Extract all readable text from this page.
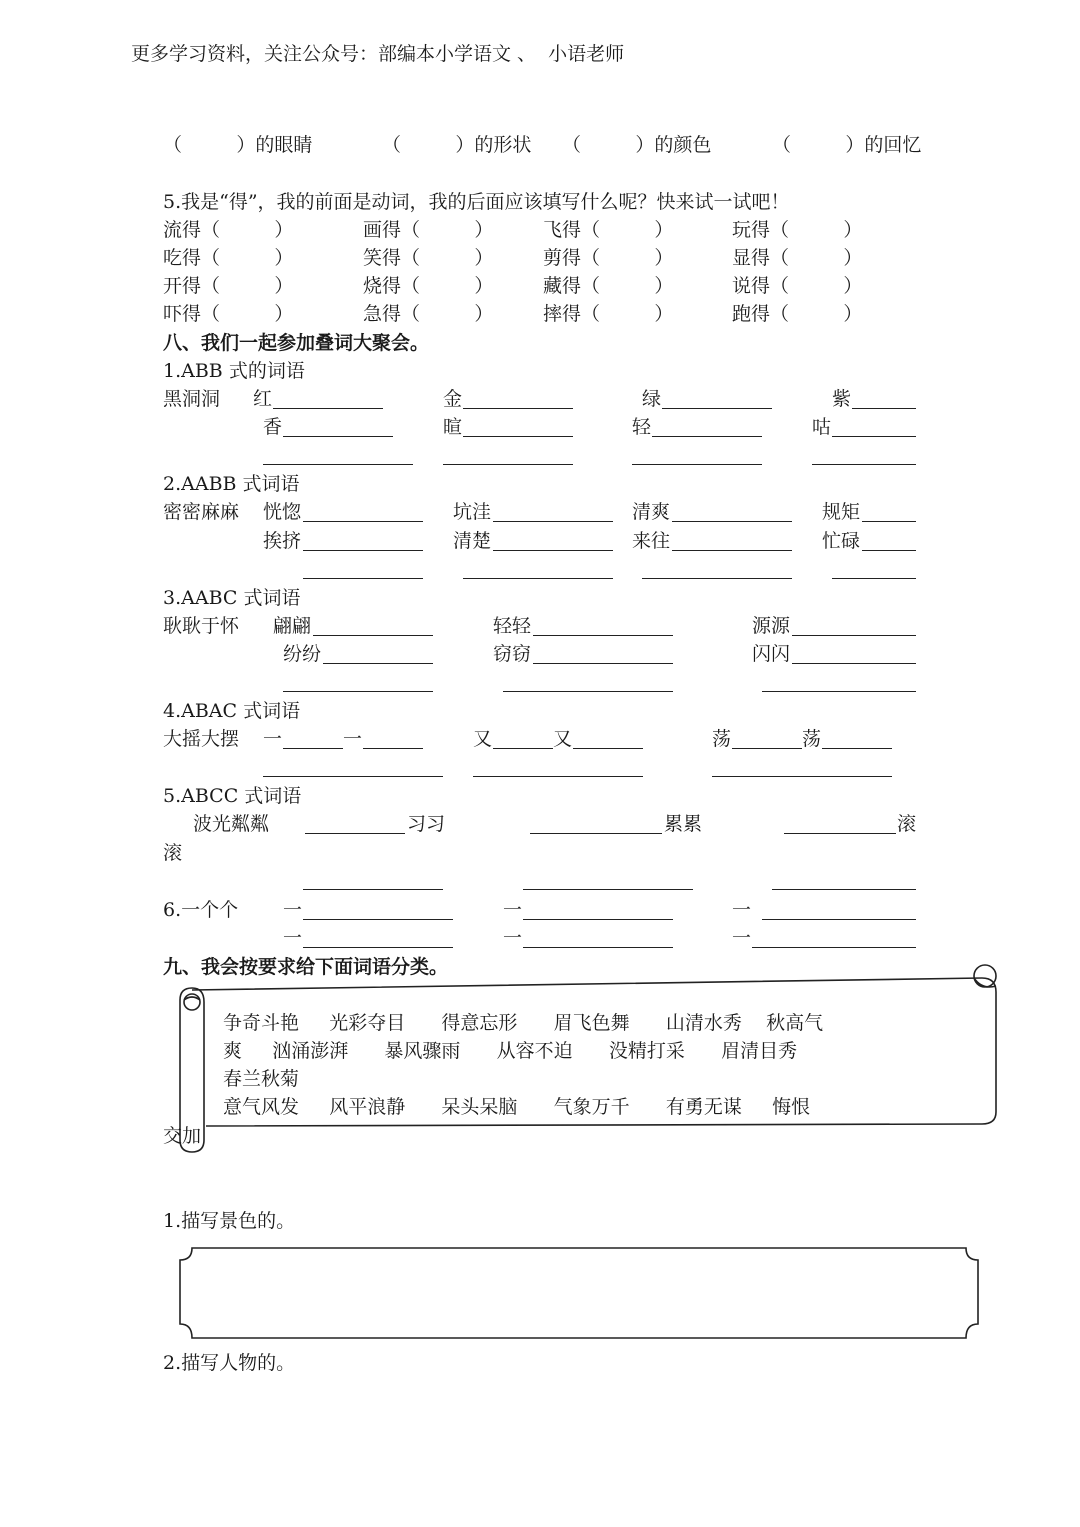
更多学习资料，关注公众号：部编本小学语文 、  小语老师
（         ）的眼睛	（         ）的形状 （         ）的颜色	（         ）的回忆
5.我是“得”，我的前面是动词，我的后面应该填写什么呢？快来试一试吧！
流得（         ）	画得（         ）	飞得（         ）	玩得（         ）
吃得（         ）	笑得（         ）	剪得（         ）	显得（         ）
开得（         ）	烧得（         ）	藏得（         ）	说得（         ）
吓得（         ）	急得（         ）	摔得（         ）	跑得（         ）
八、我们一起参加叠词大聚会。
1.ABB 式的词语
黑洞洞 红	金	绿	紫
香	暄	轻	咕
2.AABB 式词语
密密麻麻 恍惚	坑洼	清爽	规矩
挨挤	清楚	来往	忙碌
3.AABC 式词语
耿耿于怀 翩翩	轻轻	源源
纷纷	窃窃	闪闪
4.ABAC 式词语
大摇大摆 一	一	又	又	荡	荡
5.ABCC 式词语
波光粼粼	习习	累累	滚
滚
6.一个个 一	一	一
一	一	一
九、我会按要求给下面词语分类。
争奇斗艳     光彩夺目      得意忘形      眉飞色舞      山清水秀    秋高气
爽     汹涌澎湃      暴风骤雨      从容不迫      没精打采      眉清目秀
春兰秋菊
意气风发     风平浪静      呆头呆脑      气象万千      有勇无谋     悔恨
交加
1.描写景色的。
2.描写人物的。
